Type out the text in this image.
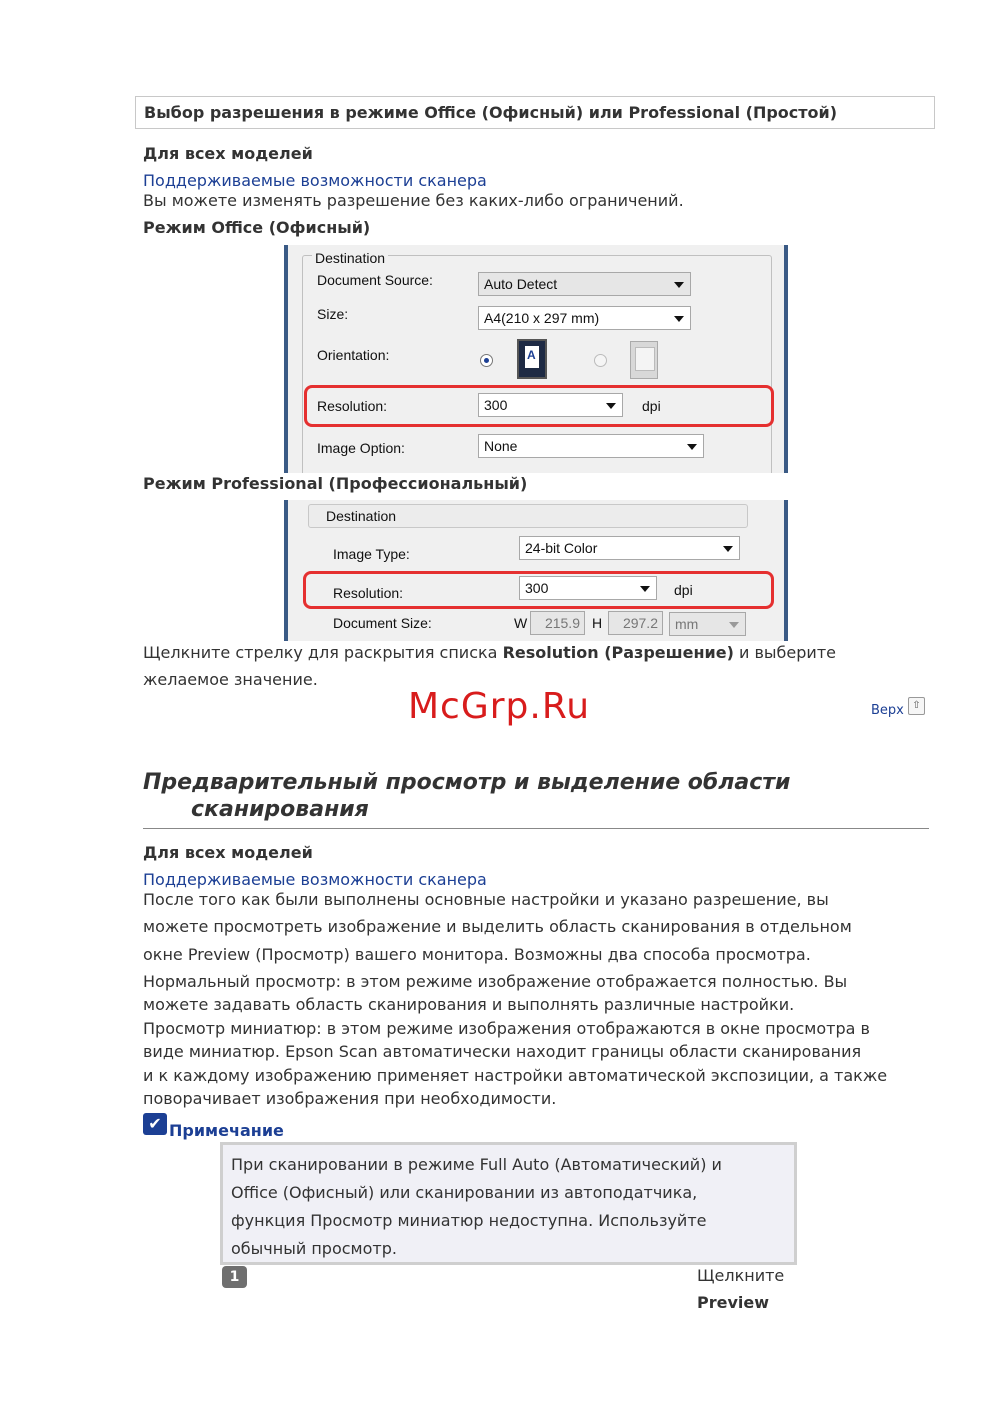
Выбор разрешения в режиме Office (Офисный) или Professional (Простой)
Для всех моделей
Поддерживаемые возможности сканера
Вы можете изменять разрешение без каких-либо ограничений.
Режим Office (Офисный)
Destination
Document Source:	Auto Detect
Size:	A4(210 x 297 mm)
Orientation:	A
Resolution:	300	dpi
Image Option:	None
Режим Professional (Профессиональный)
Destination
Image Type:	24-bit Color
Resolution:	300	dpi
Document Size:	W	215.9 H	297.2	mm
Щелкните стрелку для раскрытия списка Resolution (Разрешение) и выберите
желаемое значение.
McGrp.Ru	Верх ⇧
Предварительный просмотр и выделение области
сканирования
Для всех моделей
Поддерживаемые возможности сканера
После того как были выполнены основные настройки и указано разрешение, вы
можете просмотреть изображение и выделить область сканирования в отдельном
окне Preview (Просмотр) вашего монитора. Возможны два способа просмотра.
Нормальный просмотр: в этом режиме изображение отображается полностью. Вы
можете задавать область сканирования и выполнять различные настройки.
Просмотр миниатюр: в этом режиме изображения отображаются в окне просмотра в
виде миниатюр. Epson Scan автоматически находит границы области сканирования
и к каждому изображению применяет настройки автоматической экспозиции, а также
поворачивает изображения при необходимости.
✔ Примечание
При сканировании в режиме Full Auto (Автоматический) и
Office (Офисный) или сканировании из автоподатчика,
функция Просмотр миниатюр недоступна. Используйте
обычный просмотр.
1	Щелкните
Preview
